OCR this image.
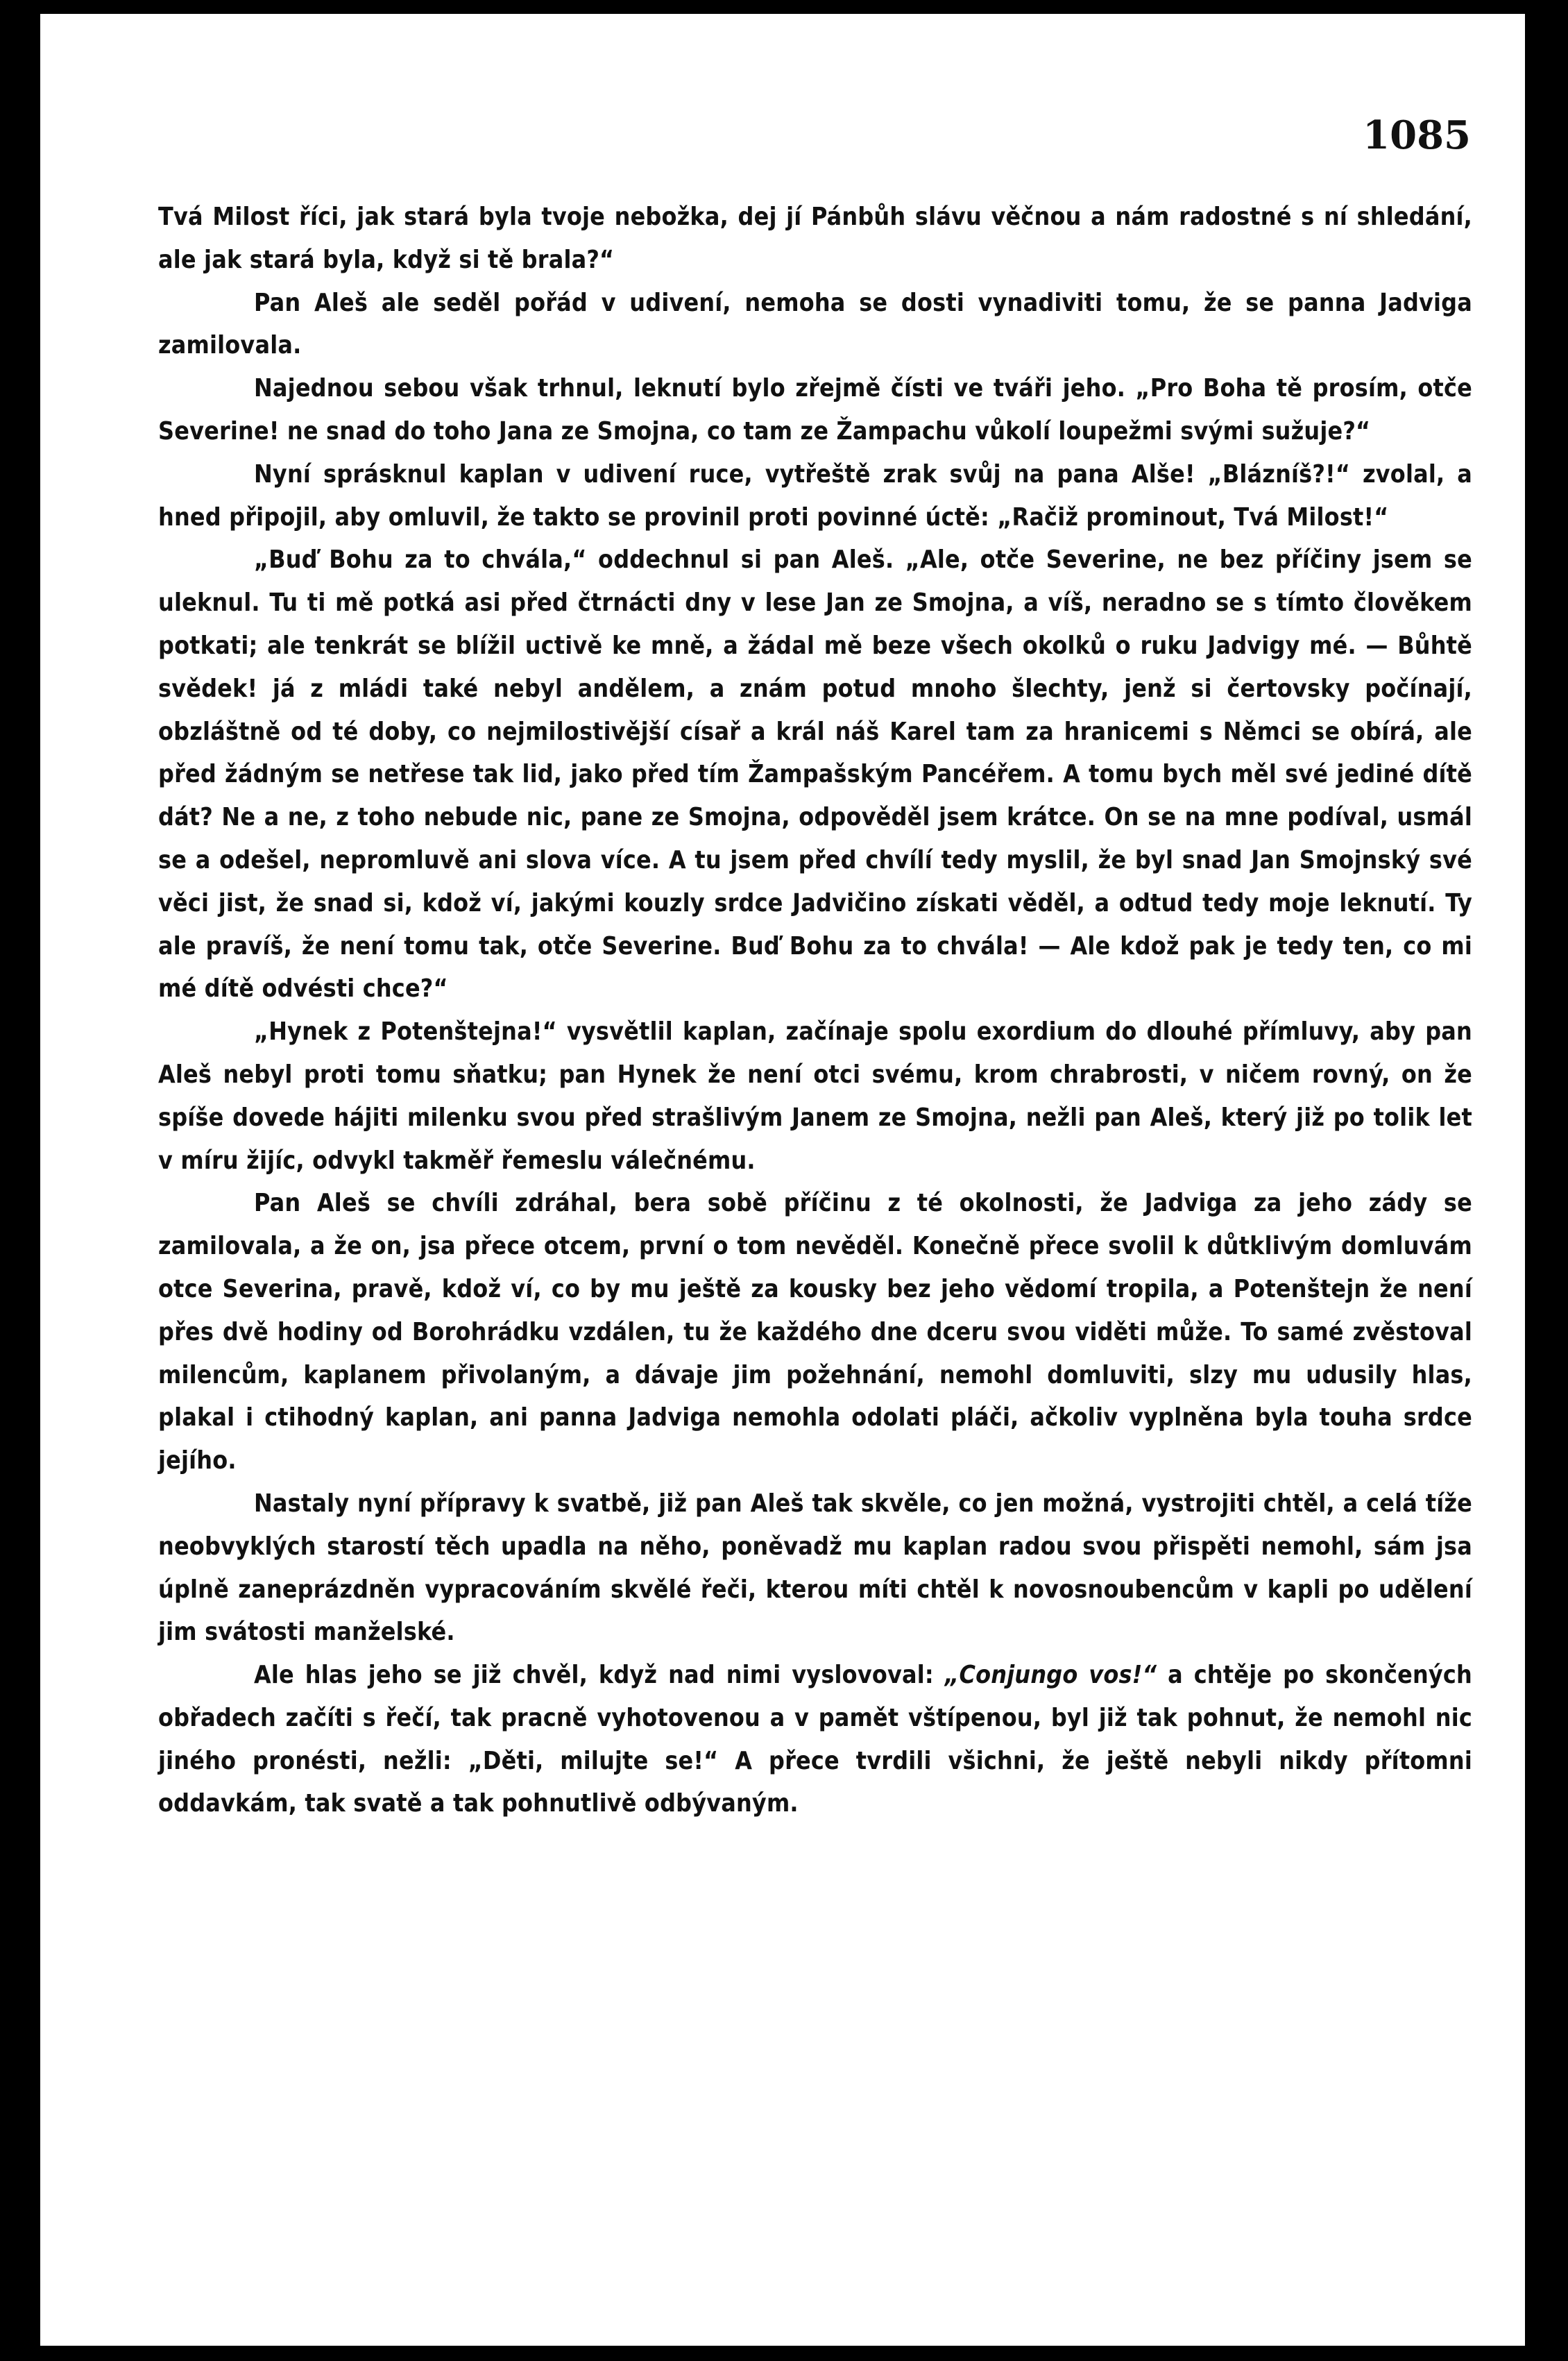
1085

Tvá Milost říci, jak stará byla tvoje nebožka, dej jí Pánbůh slávu věčnou a nám radostné s ní shledání, ale jak stará byla, když si tě brala?“

Pan Aleš ale seděl pořád v udivení, nemoha se dosti vynadiviti tomu, že se panna Jadviga zamilovala.

Najednou sebou však trhnul, leknutí bylo zřejmě čísti ve tváři jeho. „Pro Boha tě prosím, otče Severine! ne snad do toho Jana ze Smojna, co tam ze Žampachu vůkolí loupežmi svými sužuje?“

Nyní sprásknul kaplan v udivení ruce, vytřeště zrak svůj na pana Alše! „Blázníš?!“ zvolal, a hned připojil, aby omluvil, že takto se provinil proti povinné úctě: „Račiž prominout, Tvá Milost!“

„Buď Bohu za to chvála,“ oddechnul si pan Aleš. „Ale, otče Severine, ne bez příčiny jsem se uleknul. Tu ti mě potká asi před čtrnácti dny v lese Jan ze Smojna, a víš, neradno se s tímto člověkem potkati; ale tenkrát se blížil uctivě ke mně, a žádal mě beze všech okolků o ruku Jadvigy mé. — Bůhtě svědek! já z mládi také nebyl andělem, a znám potud mnoho šlechty, jenž si čertovsky počínají, obzláštně od té doby, co nejmilostivější císař a král náš Karel tam za hranicemi s Němci se obírá, ale před žádným se netřese tak lid, jako před tím Žampašským Pancéřem. A tomu bych měl své jediné dítě dát? Ne a ne, z toho nebude nic, pane ze Smojna, odpověděl jsem krátce. On se na mne podíval, usmál se a odešel, nepromluvě ani slova více. A tu jsem před chvílí tedy myslil, že byl snad Jan Smojnský své věci jist, že snad si, kdož ví, jakými kouzly srdce Jadvičino získati věděl, a odtud tedy moje leknutí. Ty ale pravíš, že není tomu tak, otče Severine. Buď Bohu za to chvála! — Ale kdož pak je tedy ten, co mi mé dítě odvésti chce?“

„Hynek z Potenštejna!“ vysvětlil kaplan, začínaje spolu exordium do dlouhé přímluvy, aby pan Aleš nebyl proti tomu sňatku; pan Hynek že není otci svému, krom chrabrosti, v ničem rovný, on že spíše dovede hájiti milenku svou před strašlivým Janem ze Smojna, nežli pan Aleš, který již po tolik let v míru žijíc, odvykl takměř řemeslu válečnému.

Pan Aleš se chvíli zdráhal, bera sobě příčinu z té okolnosti, že Jadviga za jeho zády se zamilovala, a že on, jsa přece otcem, první o tom nevěděl. Konečně přece svolil k důtklivým domluvám otce Severina, pravě, kdož ví, co by mu ještě za kousky bez jeho vědomí tropila, a Potenštejn že není přes dvě hodiny od Borohrádku vzdálen, tu že každého dne dceru svou viděti může. To samé zvěstoval milencům, kaplanem přivolaným, a dávaje jim požehnání, nemohl domluviti, slzy mu udusily hlas, plakal i ctihodný kaplan, ani panna Jadviga nemohla odolati pláči, ačkoliv vyplněna byla touha srdce jejího.

Nastaly nyní přípravy k svatbě, již pan Aleš tak skvěle, co jen možná, vystrojiti chtěl, a celá tíže neobvyklých starostí těch upadla na něho, poněvadž mu kaplan radou svou přispěti nemohl, sám jsa úplně zaneprázdněn vypracováním skvělé řeči, kterou míti chtěl k novosnoubencům v kapli po udělení jim svátosti manželské.

Ale hlas jeho se již chvěl, když nad nimi vyslovoval: „Conjungo vos!“ a chtěje po skončených obřadech začíti s řečí, tak pracně vyhotovenou a v pamět vštípenou, byl již tak pohnut, že nemohl nic jiného pronésti, nežli: „Děti, milujte se!“ A přece tvrdili všichni, že ještě nebyli nikdy přítomni oddavkám, tak svatě a tak pohnutlivě odbývaným.
